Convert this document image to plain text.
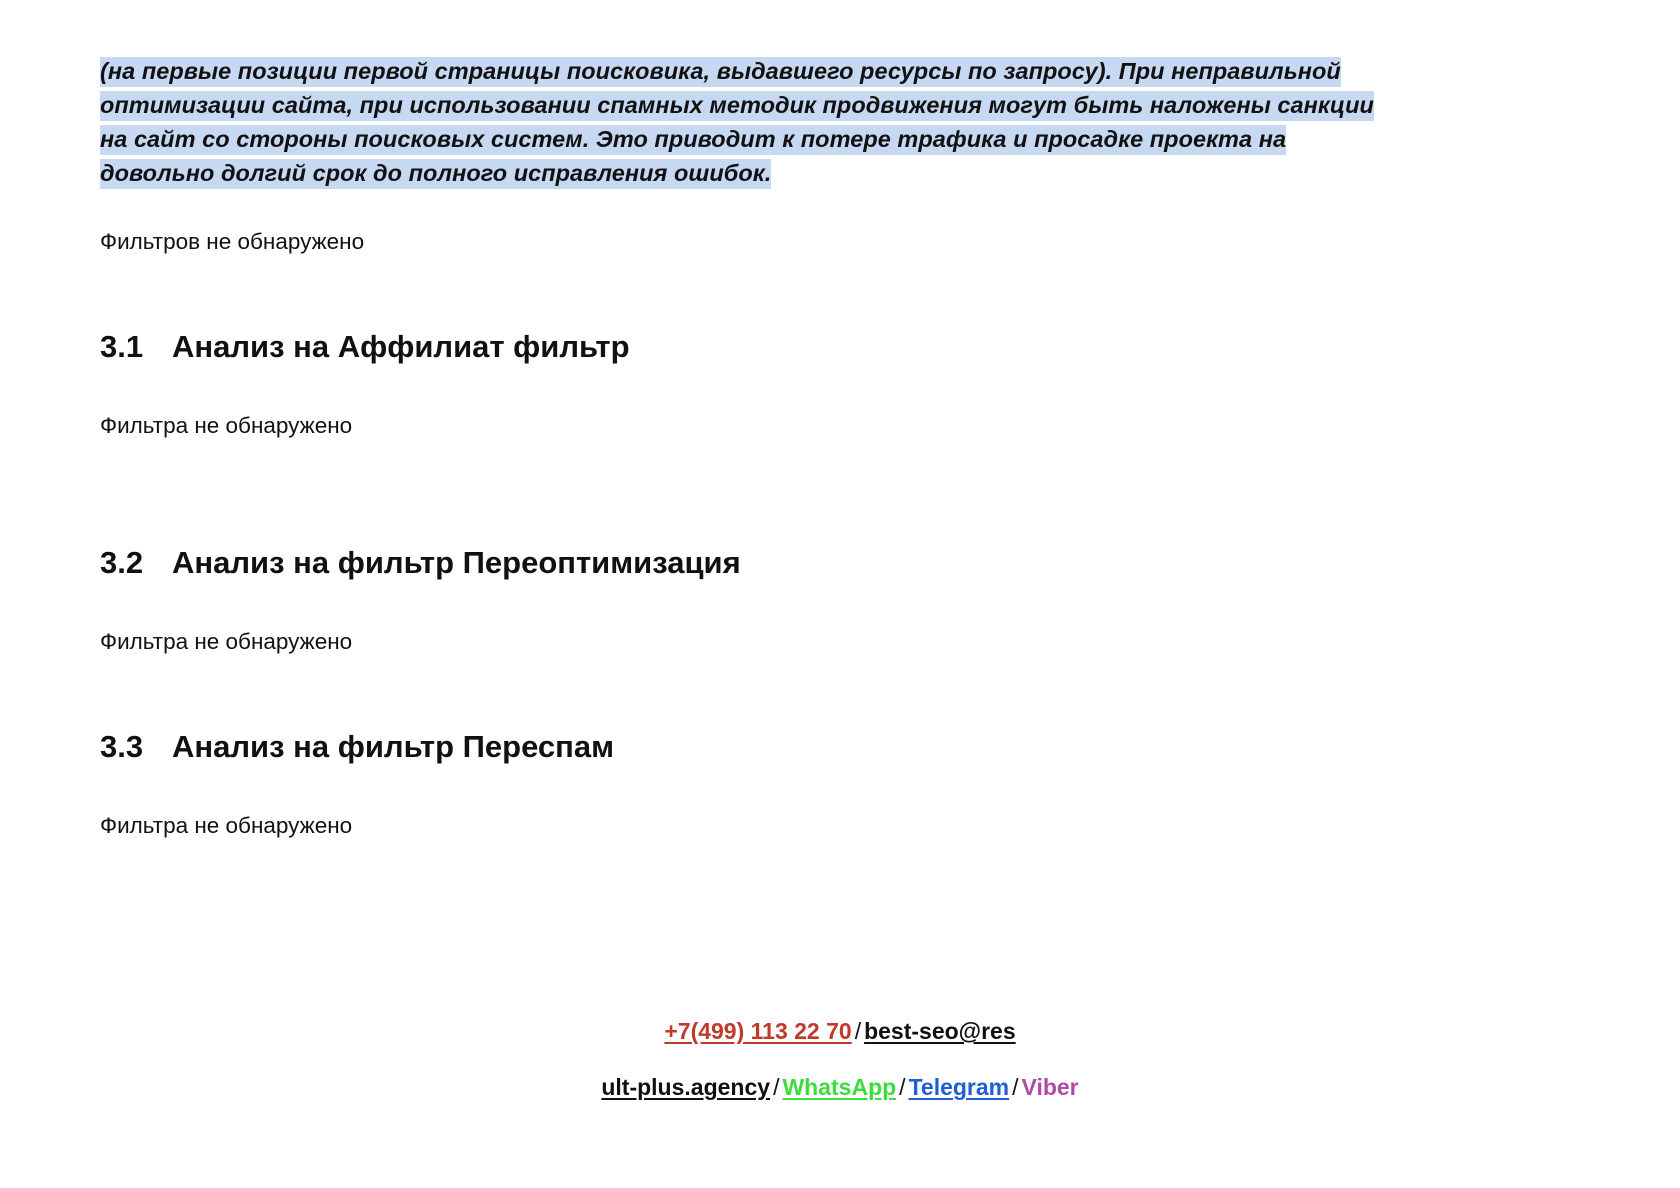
(на первые позиции первой страницы поисковика, выдавшего ресурсы по запросу). При неправильной
оптимизации сайта, при использовании спамных методик продвижения могут быть наложены санкции
на сайт со стороны поисковых систем. Это приводит к потере трафика и просадке проекта на
довольно долгий срок до полного исправления ошибок.

Фильтров не обнаружено

3.1 Анализ на Аффилиат фильтр

Фильтра не обнаружено

3.2 Анализ на фильтр Переоптимизация

Фильтра не обнаружено

3.3 Анализ на фильтр Переспам

Фильтра не обнаружено

+7(499) 113 22 70 / best-seo@res
ult-plus.agency / WhatsApp / Telegram / Viber
